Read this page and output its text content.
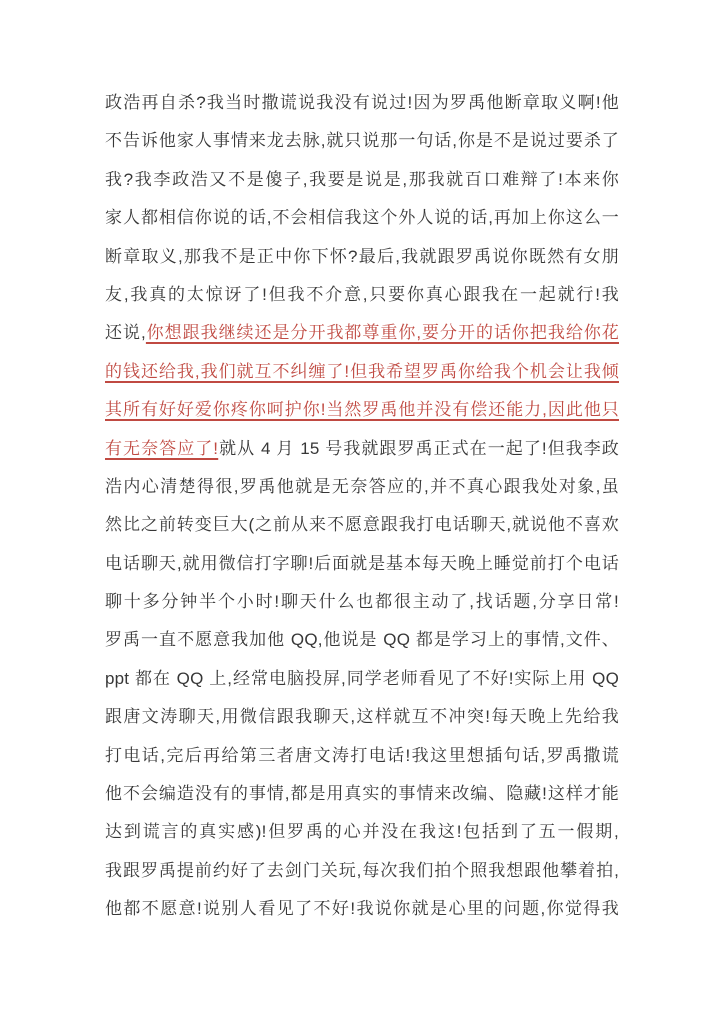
政浩再自杀?我当时撒谎说我没有说过!因为罗禹他断章取义啊!他
不告诉他家人事情来龙去脉,就只说那一句话,你是不是说过要杀了
我?我李政浩又不是傻子,我要是说是,那我就百口难辩了!本来你
家人都相信你说的话,不会相信我这个外人说的话,再加上你这么一
断章取义,那我不是正中你下怀?最后,我就跟罗禹说你既然有女朋
友,我真的太惊讶了!但我不介意,只要你真心跟我在一起就行!我
还说,你想跟我继续还是分开我都尊重你,要分开的话你把我给你花
的钱还给我,我们就互不纠缠了!但我希望罗禹你给我个机会让我倾
其所有好好爱你疼你呵护你!当然罗禹他并没有偿还能力,因此他只
有无奈答应了!就从 4 月 15 号我就跟罗禹正式在一起了!但我李政
浩内心清楚得很,罗禹他就是无奈答应的,并不真心跟我处对象,虽
然比之前转变巨大(之前从来不愿意跟我打电话聊天,就说他不喜欢
电话聊天,就用微信打字聊!后面就是基本每天晚上睡觉前打个电话
聊十多分钟半个小时!聊天什么也都很主动了,找话题,分享日常!
罗禹一直不愿意我加他 QQ,他说是 QQ 都是学习上的事情,文件、
ppt 都在 QQ 上,经常电脑投屏,同学老师看见了不好!实际上用 QQ
跟唐文涛聊天,用微信跟我聊天,这样就互不冲突!每天晚上先给我
打电话,完后再给第三者唐文涛打电话!我这里想插句话,罗禹撒谎
他不会编造没有的事情,都是用真实的事情来改编、隐藏!这样才能
达到谎言的真实感)!但罗禹的心并没在我这!包括到了五一假期,
我跟罗禹提前约好了去剑门关玩,每次我们拍个照我想跟他攀着拍,
他都不愿意!说别人看见了不好!我说你就是心里的问题,你觉得我
